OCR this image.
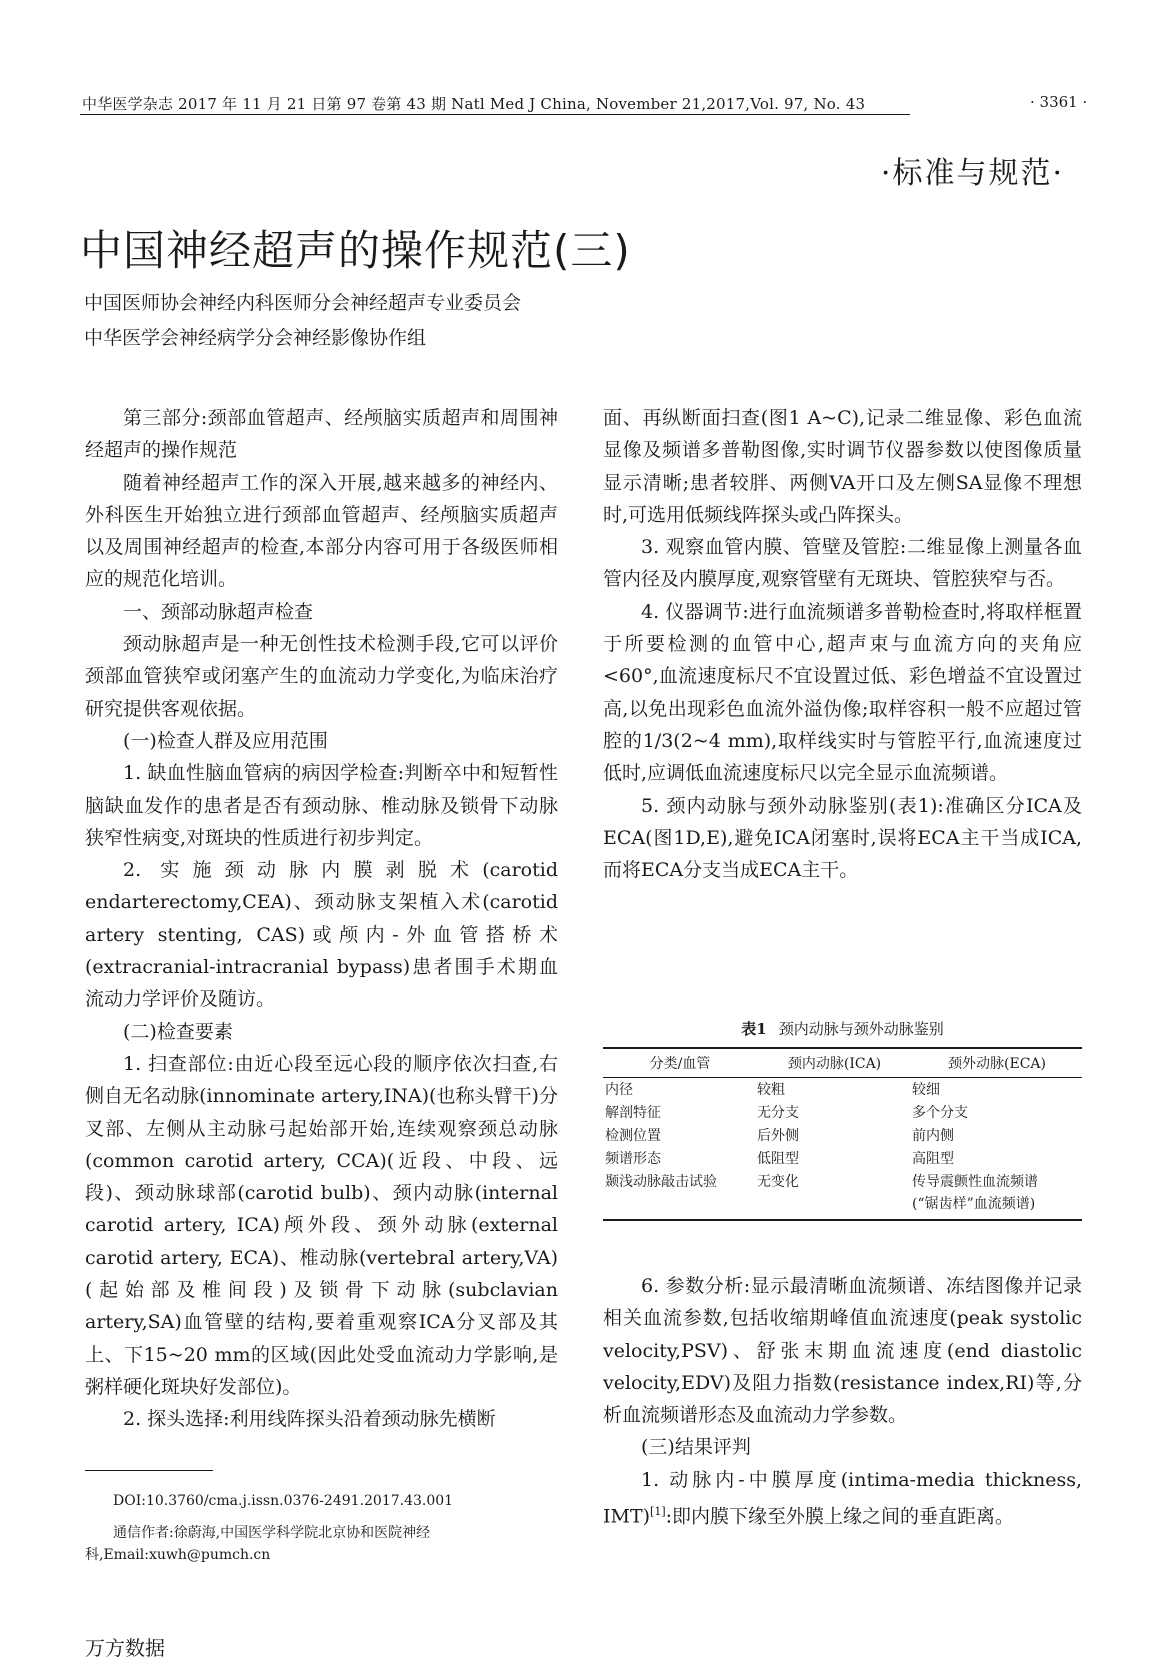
中华医学杂志 2017 年 11 月 21 日第 97 卷第 43 期 Natl Med J China, November 21,2017,Vol. 97, No. 43	· 3361 ·
·标准与规范·
中国神经超声的操作规范(三)
中国医师协会神经内科医师分会神经超声专业委员会
中华医学会神经病学分会神经影像协作组

第三部分:颈部血管超声、经颅脑实质超声和周围神经超声的操作规范

随着神经超声工作的深入开展,越来越多的神经内、外科医生开始独立进行颈部血管超声、经颅脑实质超声以及周围神经超声的检查,本部分内容可用于各级医师相应的规范化培训。

一、颈部动脉超声检查

颈动脉超声是一种无创性技术检测手段,它可以评价颈部血管狭窄或闭塞产生的血流动力学变化,为临床治疗研究提供客观依据。

(一)检查人群及应用范围

1. 缺血性脑血管病的病因学检查:判断卒中和短暂性脑缺血发作的患者是否有颈动脉、椎动脉及锁骨下动脉狭窄性病变,对斑块的性质进行初步判定。

2. 实施颈动脉内膜剥脱术(carotid endarterectomy,CEA)、颈动脉支架植入术(carotid artery stenting, CAS)或颅内-外血管搭桥术(extracranial-intracranial bypass)患者围手术期血流动力学评价及随访。

(二)检查要素

1. 扫查部位:由近心段至远心段的顺序依次扫查,右侧自无名动脉(innominate artery,INA)(也称头臂干)分叉部、左侧从主动脉弓起始部开始,连续观察颈总动脉(common carotid artery, CCA)(近段、中段、远段)、颈动脉球部(carotid bulb)、颈内动脉(internal carotid artery, ICA)颅外段、颈外动脉(external carotid artery, ECA)、椎动脉(vertebral artery,VA)(起始部及椎间段)及锁骨下动脉(subclavian artery,SA)血管壁的结构,要着重观察ICA分叉部及其上、下15~20 mm的区域(因此处受血流动力学影响,是粥样硬化斑块好发部位)。

2. 探头选择:利用线阵探头沿着颈动脉先横断

面、再纵断面扫查(图1 A~C),记录二维显像、彩色血流显像及频谱多普勒图像,实时调节仪器参数以使图像质量显示清晰;患者较胖、两侧VA开口及左侧SA显像不理想时,可选用低频线阵探头或凸阵探头。

3. 观察血管内膜、管壁及管腔:二维显像上测量各血管内径及内膜厚度,观察管壁有无斑块、管腔狭窄与否。

4. 仪器调节:进行血流频谱多普勒检查时,将取样框置于所要检测的血管中心,超声束与血流方向的夹角应<60°,血流速度标尺不宜设置过低、彩色增益不宜设置过高,以免出现彩色血流外溢伪像;取样容积一般不应超过管腔的1/3(2~4 mm),取样线实时与管腔平行,血流速度过低时,应调低血流速度标尺以完全显示血流频谱。

5. 颈内动脉与颈外动脉鉴别(表1):准确区分ICA及ECA(图1D,E),避免ICA闭塞时,误将ECA主干当成ICA,而将ECA分支当成ECA主干。

表1 颈内动脉与颈外动脉鉴别
分类/血管	颈内动脉(ICA)	颈外动脉(ECA)
内径	较粗	较细
解剖特征	无分支	多个分支
检测位置	后外侧	前内侧
频谱形态	低阻型	高阻型
颞浅动脉敲击试验	无变化	传导震颤性血流频谱
(“锯齿样”血流频谱)

6. 参数分析:显示最清晰血流频谱、冻结图像并记录相关血流参数,包括收缩期峰值血流速度(peak systolic velocity,PSV)、舒张末期血流速度(end diastolic velocity,EDV)及阻力指数(resistance index,RI)等,分析血流频谱形态及血流动力学参数。

(三)结果评判

1. 动脉内-中膜厚度(intima-media thickness, IMT)[1]:即内膜下缘至外膜上缘之间的垂直距离。

DOI:10.3760/cma.j.issn.0376-2491.2017.43.001

通信作者:徐蔚海,中国医学科学院北京协和医院神经科,Email:xuwh@pumch.cn

万方数据
